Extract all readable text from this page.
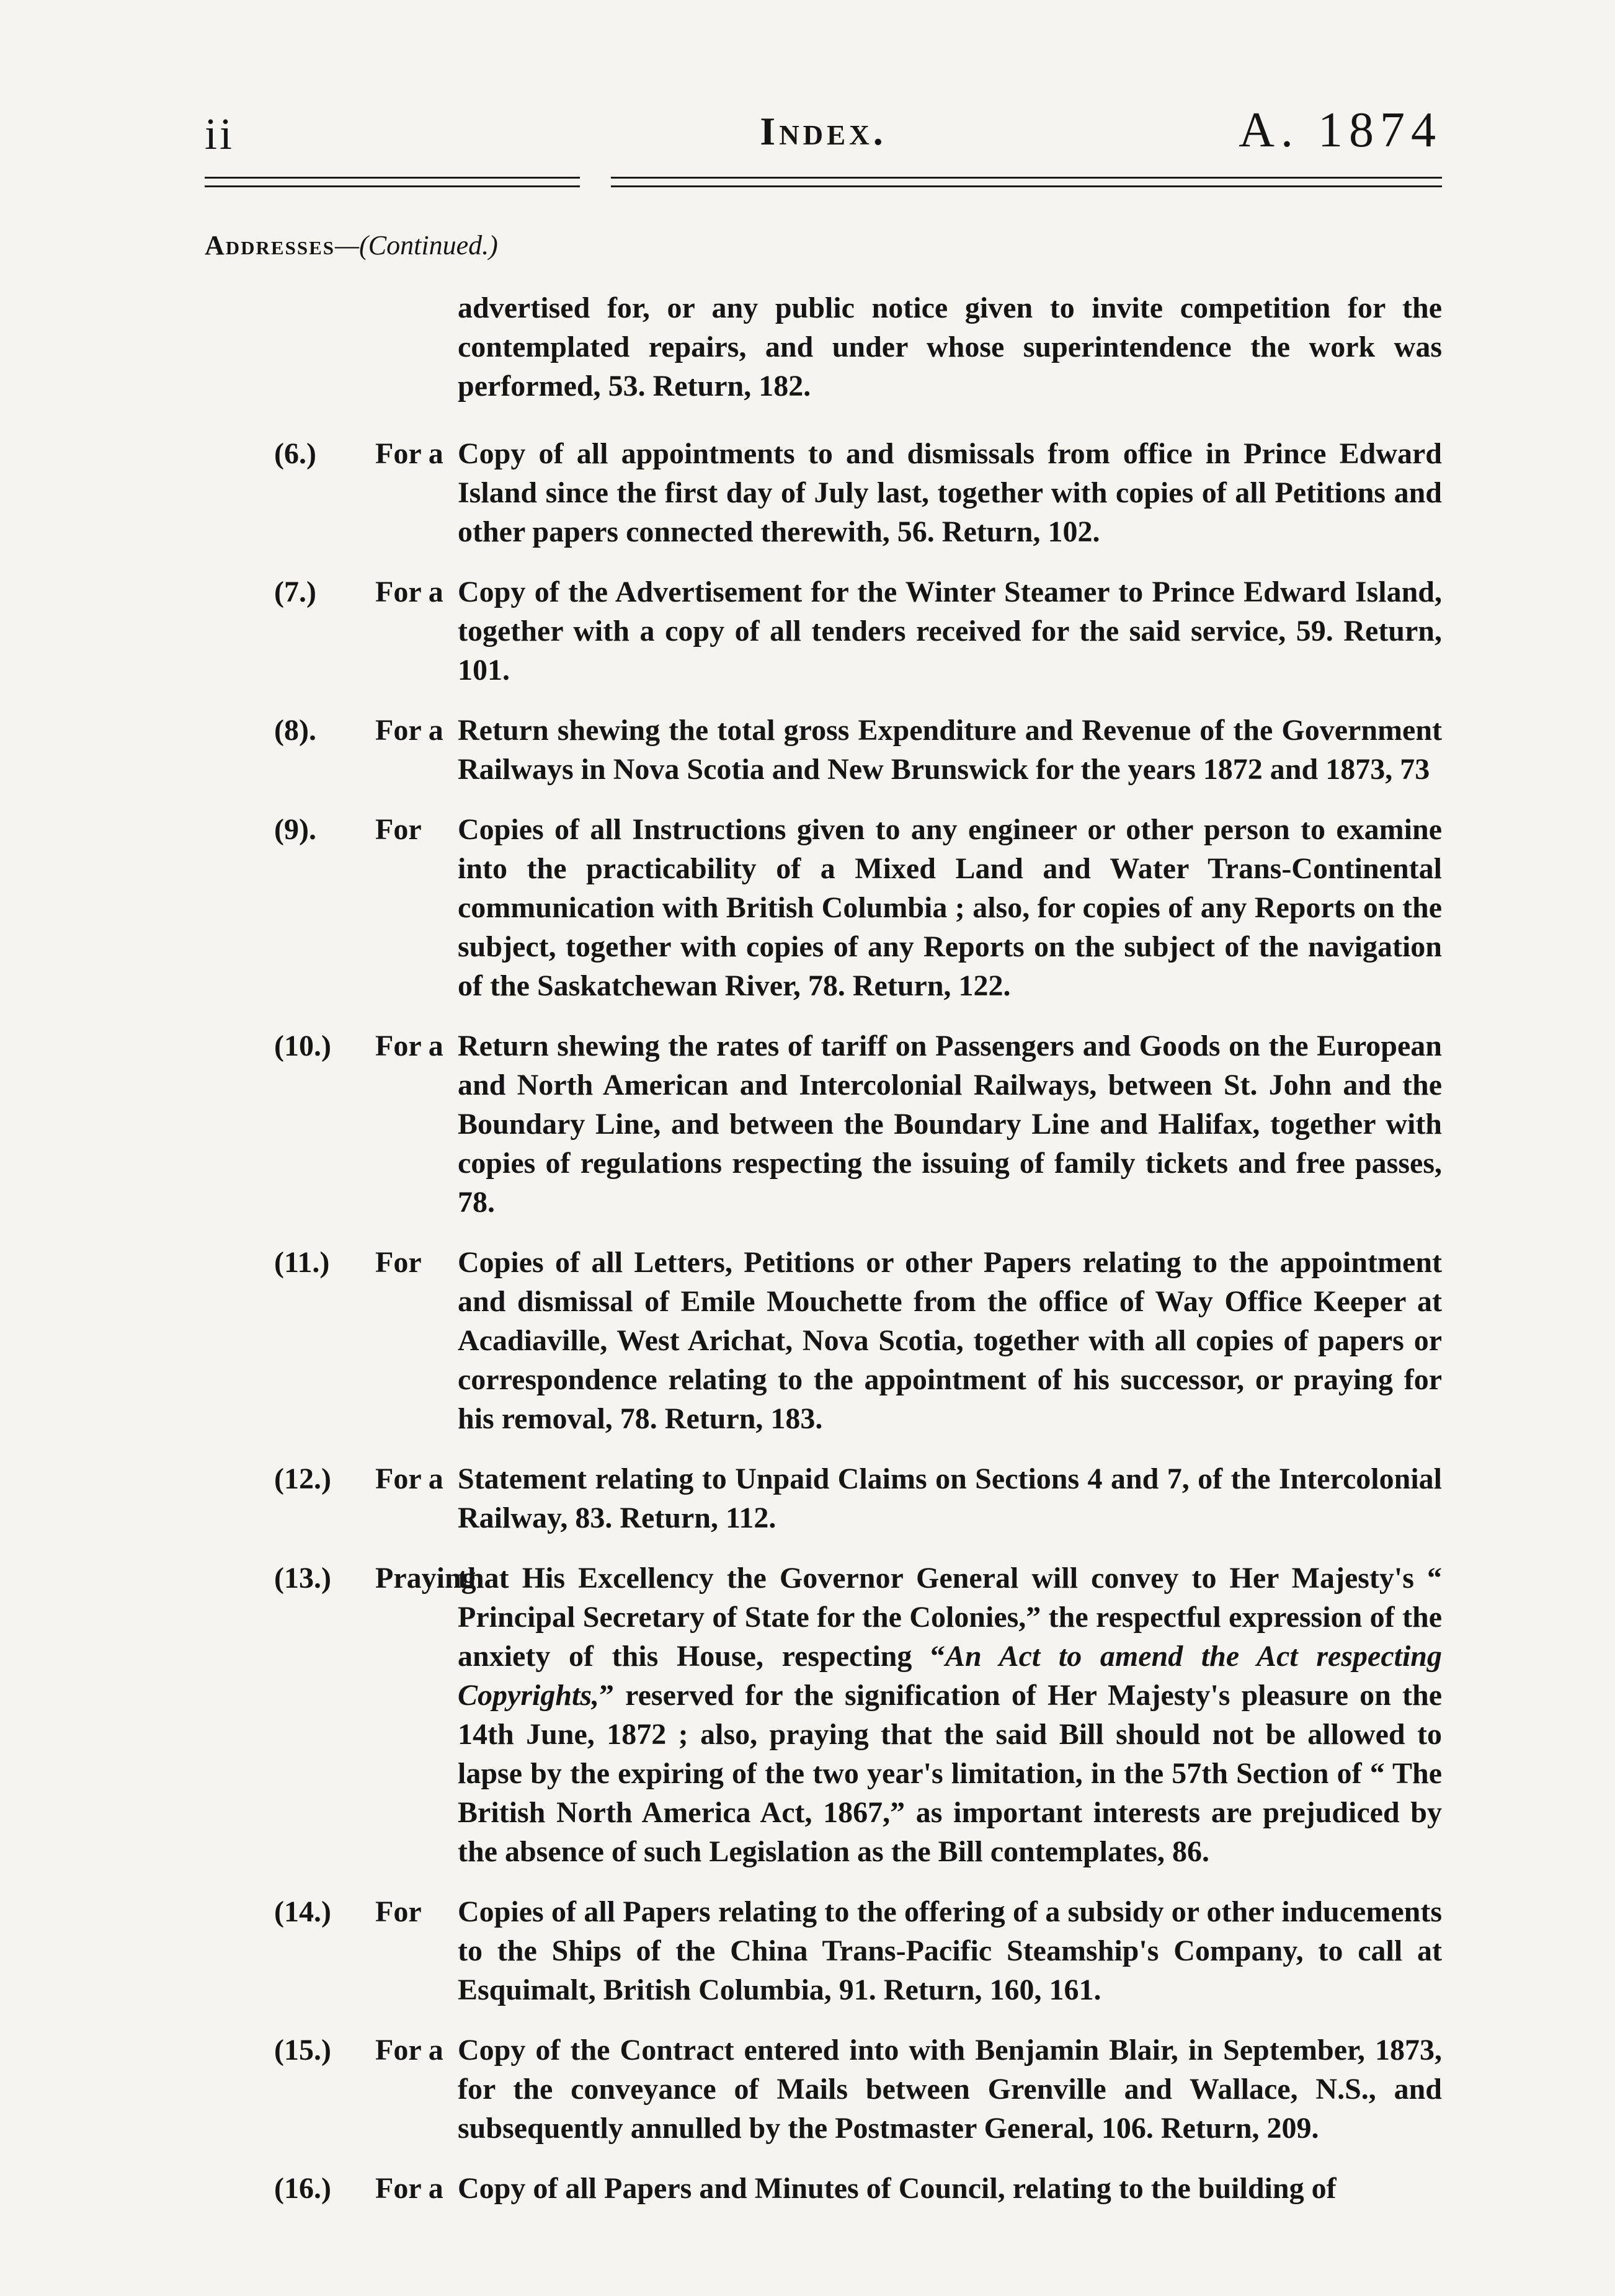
ii	Index.	A. 1874
Addresses—(Continued.)
advertised for, or any public notice given to invite competition for the contemplated repairs, and under whose superintendence the work was performed, 53. Return, 182.
(6.) For a Copy of all appointments to and dismissals from office in Prince Edward Island since the first day of July last, together with copies of all Petitions and other papers connected therewith, 56. Return, 102.
(7.) For a Copy of the Advertisement for the Winter Steamer to Prince Edward Island, together with a copy of all tenders received for the said service, 59. Return, 101.
(8). For a Return shewing the total gross Expenditure and Revenue of the Government Railways in Nova Scotia and New Brunswick for the years 1872 and 1873, 73
(9). For Copies of all Instructions given to any engineer or other person to examine into the practicability of a Mixed Land and Water Trans-Continental communication with British Columbia ; also, for copies of any Reports on the subject, together with copies of any Reports on the subject of the navigation of the Saskatchewan River, 78. Return, 122.
(10.) For a Return shewing the rates of tariff on Passengers and Goods on the European and North American and Intercolonial Railways, between St. John and the Boundary Line, and between the Boundary Line and Halifax, together with copies of regulations respecting the issuing of family tickets and free passes, 78.
(11.) For Copies of all Letters, Petitions or other Papers relating to the appointment and dismissal of Emile Mouchette from the office of Way Office Keeper at Acadiaville, West Arichat, Nova Scotia, together with all copies of papers or correspondence relating to the appointment of his successor, or praying for his removal, 78. Return, 183.
(12.) For a Statement relating to Unpaid Claims on Sections 4 and 7, of the Intercolonial Railway, 83. Return, 112.
(13.) Praying
that His Excellency the Governor General will convey to Her Majesty's “ Principal Secretary of State for the Colonies,” the respectful expression of the anxiety of this House, respecting “An Act to amend the Act respecting Copyrights,” reserved for the signification of Her Majesty's pleasure on the 14th June, 1872 ; also, praying that the said Bill should not be allowed to lapse by the expiring of the two year's limitation, in the 57th Section of “ The British North America Act, 1867,” as important interests are prejudiced by the absence of such Legislation as the Bill contemplates, 86.
(14.) For Copies of all Papers relating to the offering of a subsidy or other inducements to the Ships of the China Trans-Pacific Steamship's Company, to call at Esquimalt, British Columbia, 91. Return, 160, 161.
(15.) For a Copy of the Contract entered into with Benjamin Blair, in September, 1873, for the conveyance of Mails between Grenville and Wallace, N.S., and subsequently annulled by the Postmaster General, 106. Return, 209.
(16.) For a Copy of all Papers and Minutes of Council, relating to the building of
